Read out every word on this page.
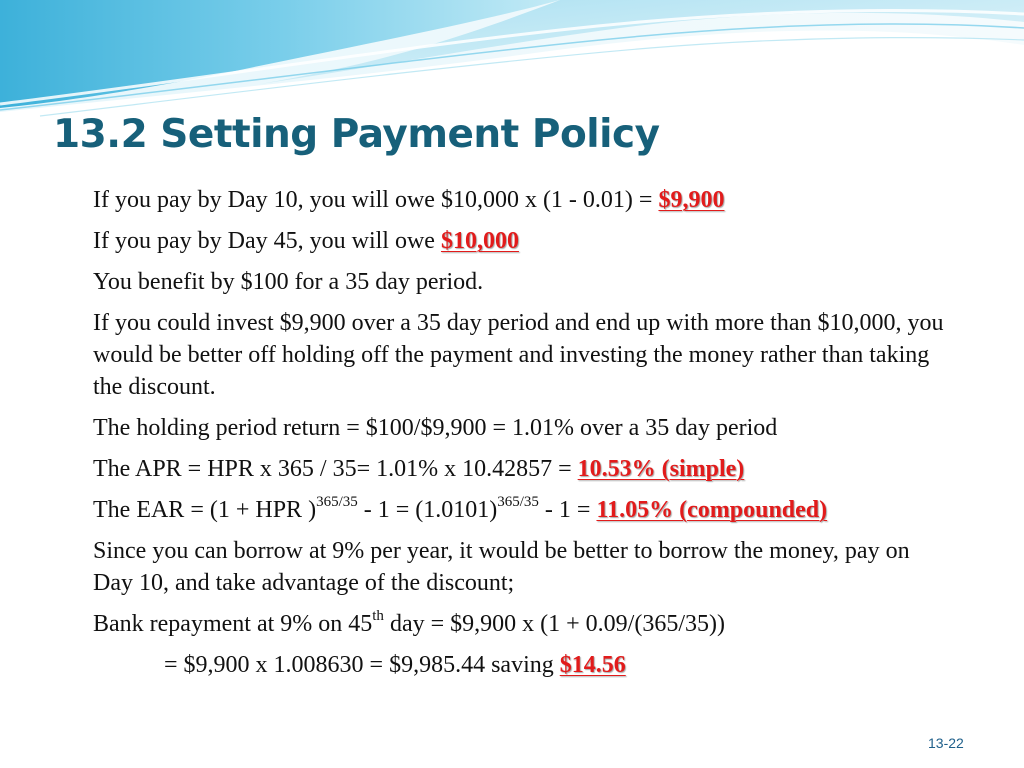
13.2 Setting Payment Policy

If you pay by Day 10, you will owe $10,000 x (1 - 0.01) = $9,900

If you pay by Day 45, you will owe $10,000

You benefit by $100 for a 35 day period.

If you could invest $9,900 over a 35 day period and end up with more than $10,000, you would be better off holding off the payment and investing the money rather than taking the discount.

The holding period return = $100/$9,900 = 1.01% over a 35 day period

The APR = HPR x 365 / 35= 1.01% x 10.42857 = 10.53% (simple)

The EAR = (1 + HPR )$^{365/35} - 1 = (1.0101)^{365/35} - 1 = 11.05\%$ (compounded)

Since you can borrow at 9% per year, it would be better to borrow the money, pay on Day 10, and take advantage of the discount;

Bank repayment at 9% on 45th day = $9,900 x (1 + 0.09/(365/35))

= $9,900 x 1.008630 = $9,985.44 saving $14.56

13-22
